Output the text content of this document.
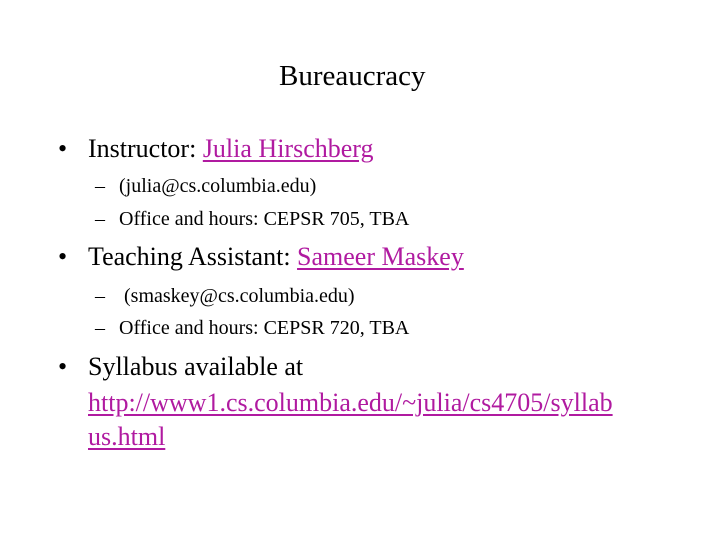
Bureaucracy
• Instructor: Julia Hirschberg
– (julia@cs.columbia.edu)
– Office and hours: CEPSR 705, TBA
• Teaching Assistant: Sameer Maskey
– (smaskey@cs.columbia.edu)
– Office and hours: CEPSR 720, TBA
• Syllabus available at
http://www1.cs.columbia.edu/~julia/cs4705/syllab
us.html
